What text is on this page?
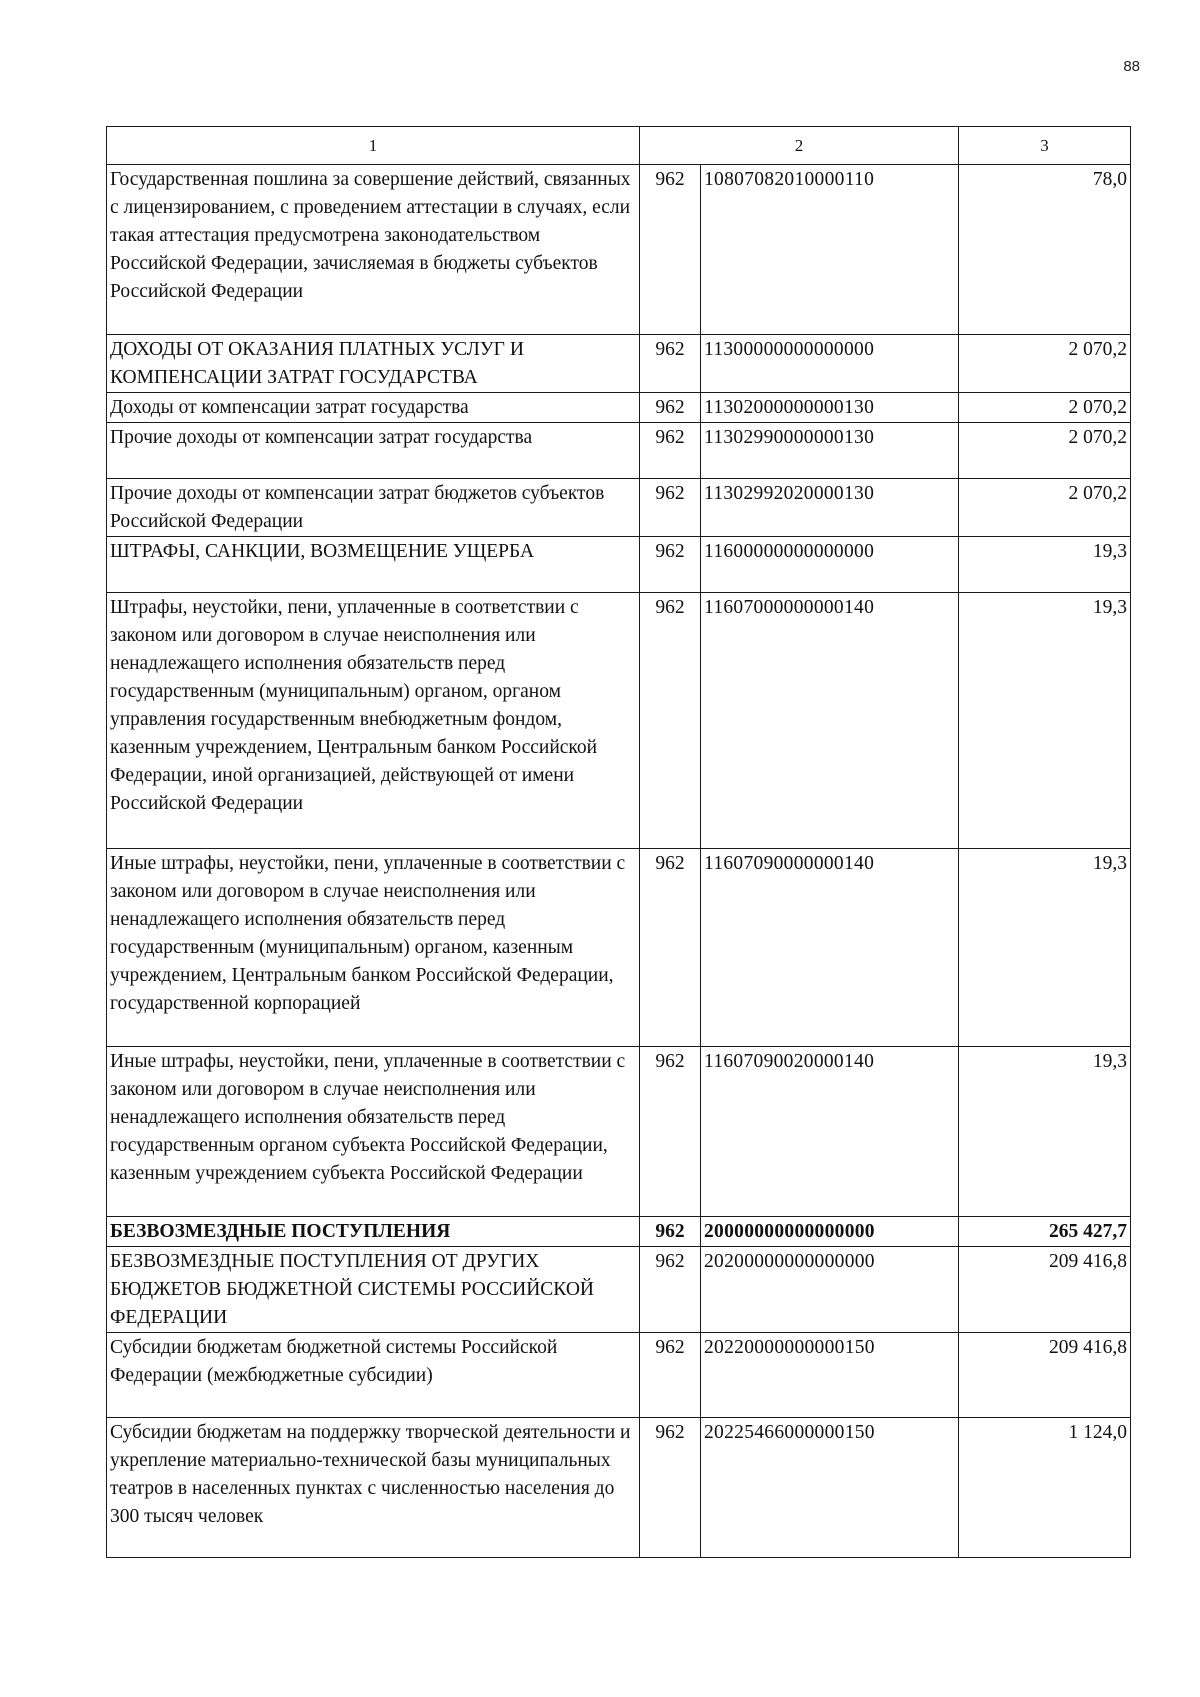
88
1	2		3
Государственная пошлина за совершение действий, связанных с лицензированием, с проведением аттестации в случаях, если такая аттестация предусмотрена законодательством Российской Федерации, зачисляемая в бюджеты субъектов Российской Федерации	962	10807082010000110	78,0
ДОХОДЫ ОТ ОКАЗАНИЯ ПЛАТНЫХ УСЛУГ И КОМПЕНСАЦИИ ЗАТРАТ ГОСУДАРСТВА	962	11300000000000000	2 070,2
Доходы от компенсации затрат государства	962	11302000000000130	2 070,2
Прочие доходы от компенсации затрат государства	962	11302990000000130	2 070,2
Прочие доходы от компенсации затрат бюджетов субъектов Российской Федерации	962	11302992020000130	2 070,2
ШТРАФЫ, САНКЦИИ, ВОЗМЕЩЕНИЕ УЩЕРБА	962	11600000000000000	19,3
Штрафы, неустойки, пени, уплаченные в соответствии с законом или договором в случае неисполнения или ненадлежащего исполнения обязательств перед государственным (муниципальным) органом, органом управления государственным внебюджетным фондом, казенным учреждением, Центральным банком Российской Федерации, иной организацией, действующей от имени Российской Федерации	962	11607000000000140	19,3
Иные штрафы, неустойки, пени, уплаченные в соответствии с законом или договором в случае неисполнения или ненадлежащего исполнения обязательств перед государственным (муниципальным) органом, казенным учреждением, Центральным банком Российской Федерации, государственной корпорацией	962	11607090000000140	19,3
Иные штрафы, неустойки, пени, уплаченные в соответствии с законом или договором в случае неисполнения или ненадлежащего исполнения обязательств перед государственным органом субъекта Российской Федерации, казенным учреждением субъекта Российской Федерации	962	11607090020000140	19,3
БЕЗВОЗМЕЗДНЫЕ ПОСТУПЛЕНИЯ	962	20000000000000000	265 427,7
БЕЗВОЗМЕЗДНЫЕ ПОСТУПЛЕНИЯ ОТ ДРУГИХ БЮДЖЕТОВ БЮДЖЕТНОЙ СИСТЕМЫ РОССИЙСКОЙ ФЕДЕРАЦИИ	962	20200000000000000	209 416,8
Субсидии бюджетам бюджетной системы Российской Федерации (межбюджетные субсидии)	962	20220000000000150	209 416,8
Субсидии бюджетам на поддержку творческой деятельности и укрепление материально-технической базы муниципальных театров в населенных пунктах с численностью населения до 300 тысяч человек	962	20225466000000150	1 124,0
